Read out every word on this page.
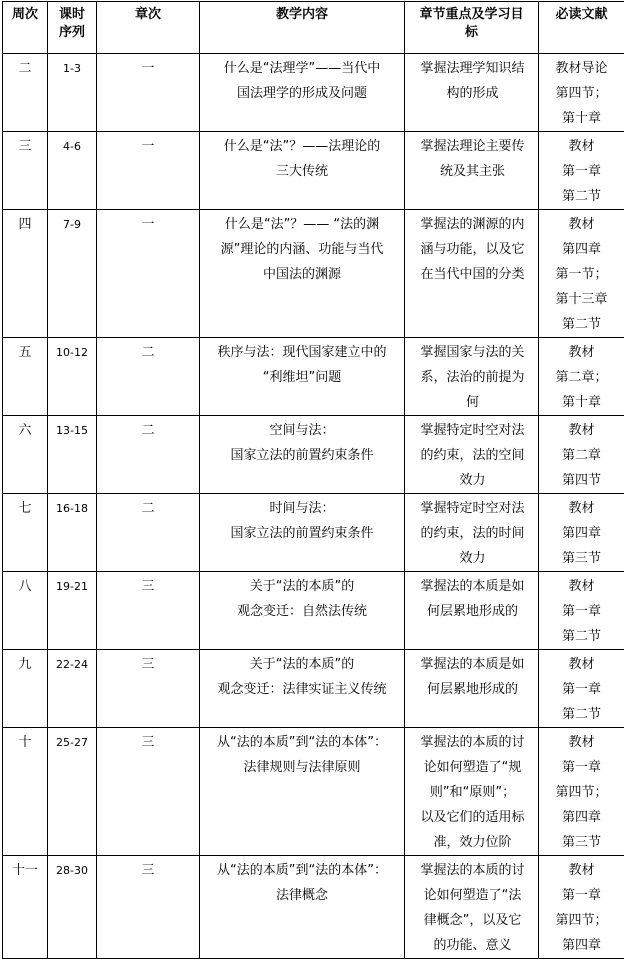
周次	课时
序列	章次	教学内容	章节重点及学习目
标	必读文献

二	1-3	一	什么是“法理学”——当代中
国法理学的形成及问题	掌握法理学知识结
构的形成	教材导论
第四节；
第十章

三	4-6	一	什么是“法”？——法理论的
三大传统	掌握法理论主要传
统及其主张	教材
第一章
第二节

四	7-9	一	什么是“法”？—— “法的渊
源”理论的内涵、功能与当代
中国法的渊源	掌握法的渊源的内
涵与功能，以及它
在当代中国的分类	教材
第四章
第一节；
第十三章
第二节

五	10-12	二	秩序与法：现代国家建立中的
“利维坦”问题	掌握国家与法的关
系，法治的前提为
何	教材
第二章；
第十章

六	13-15	二	空间与法：
国家立法的前置约束条件	掌握特定时空对法
的约束，法的空间
效力	教材
第二章
第四节

七	16-18	二	时间与法：
国家立法的前置约束条件	掌握特定时空对法
的约束，法的时间
效力	教材
第四章
第三节

八	19-21	三	关于“法的本质”的
观念变迁：自然法传统	掌握法的本质是如
何层累地形成的	教材
第一章
第二节

九	22-24	三	关于“法的本质”的
观念变迁：法律实证主义传统	掌握法的本质是如
何层累地形成的	教材
第一章
第二节

十	25-27	三	从“法的本质”到“法的本体”：
法律规则与法律原则	掌握法的本质的讨
论如何塑造了“规
则”和“原则”；
以及它们的适用标
准，效力位阶	教材
第一章
第四节；
第四章
第三节

十一	28-30	三	从“法的本质”到“法的本体”：
法律概念	掌握法的本质的讨
论如何塑造了“法
律概念”，以及它
的功能、意义	教材
第一章
第四节；
第四章
